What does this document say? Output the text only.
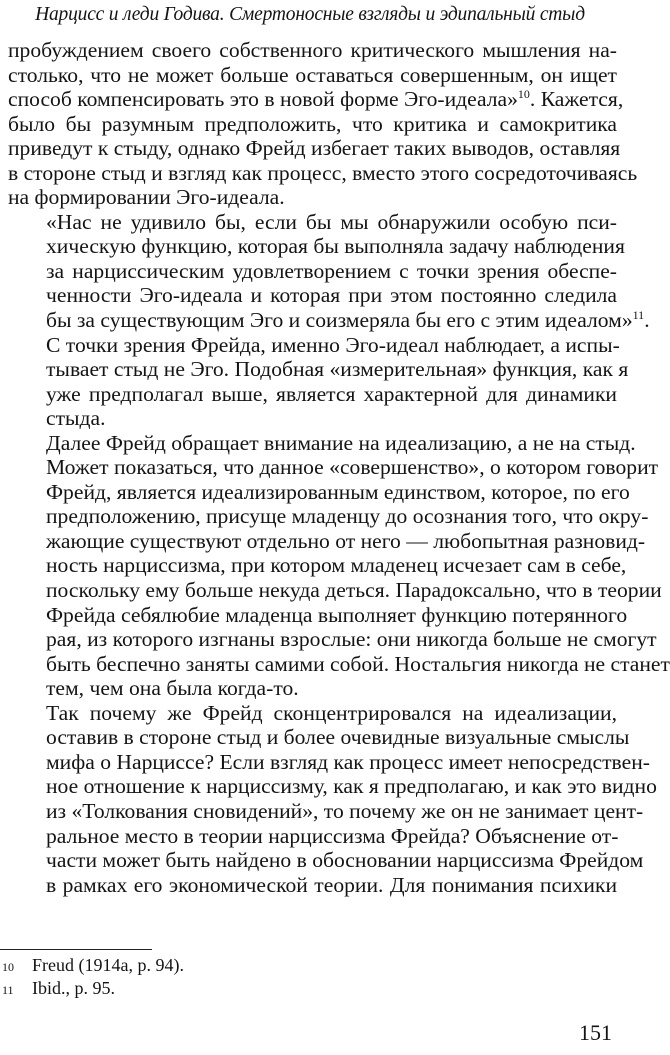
Нарцисс и леди Годива. Смертоносные взгляды и эдипальный стыд

пробуждением своего собственного критического мышления на-
столько, что не может больше оставаться совершенным, он ищет
способ компенсировать это в новой форме Эго-идеала»$^{10}$. Кажется,
было бы разумным предположить, что критика и самокритика
приведут к стыду, однако Фрейд избегает таких выводов, оставляя
в стороне стыд и взгляд как процесс, вместо этого сосредоточиваясь
на формировании Эго-идеала.

«Нас не удивило бы, если бы мы обнаружили особую пси-
хическую функцию, которая бы выполняла задачу наблюдения
за нарциссическим удовлетворением с точки зрения обеспе-
ченности Эго-идеала и которая при этом постоянно следила
бы за существующим Эго и соизмеряла бы его с этим идеалом»$^{11}$.
С точки зрения Фрейда, именно Эго-идеал наблюдает, а испы-
тывает стыд не Эго. Подобная «измерительная» функция, как я
уже предполагал выше, является характерной для динамики
стыда.

Далее Фрейд обращает внимание на идеализацию, а не на стыд.
Может показаться, что данное «совершенство», о котором говорит
Фрейд, является идеализированным единством, которое, по его
предположению, присуще младенцу до осознания того, что окру-
жающие существуют отдельно от него — любопытная разновид-
ность нарциссизма, при котором младенец исчезает сам в себе,
поскольку ему больше некуда деться. Парадоксально, что в теории
Фрейда себялюбие младенца выполняет функцию потерянного
рая, из которого изгнаны взрослые: они никогда больше не смогут
быть беспечно заняты самими собой. Ностальгия никогда не станет
тем, чем она была когда-то.

Так почему же Фрейд сконцентрировался на идеализации,
оставив в стороне стыд и более очевидные визуальные смыслы
мифа о Нарциссе? Если взгляд как процесс имеет непосредствен-
ное отношение к нарциссизму, как я предполагаю, и как это видно
из «Толкования сновидений», то почему же он не занимает цент-
ральное место в теории нарциссизма Фрейда? Объяснение от-
части может быть найдено в обосновании нарциссизма Фрейдом
в рамках его экономической теории. Для понимания психики

10	Freud (1914a, p. 94).
11	Ibid., p. 95.
151
